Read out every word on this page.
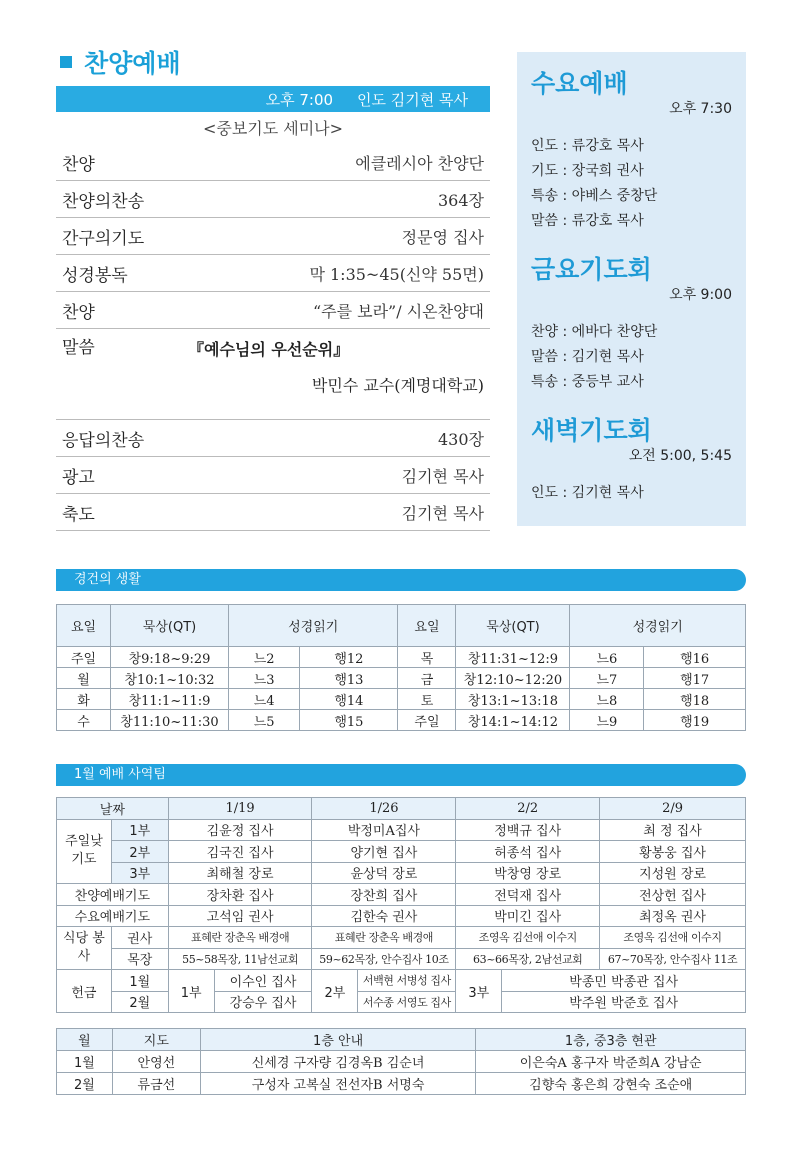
찬양예배
오후 7:00 인도 김기현 목사
<중보기도 세미나>
찬양	에클레시아 찬양단
찬양의찬송	364장
간구의기도	정문영 집사
성경봉독	막 1:35~45(신약 55면)
찬양	“주를 보라”/ 시온찬양대
말씀	『예수님의 우선순위』
박민수 교수(계명대학교)
응답의찬송	430장
광고	김기현 목사
축도	김기현 목사
수요예배
오후 7:30
인도 : 류강호 목사
기도 : 장국희 권사
특송 : 야베스 중창단
말씀 : 류강호 목사
금요기도회
오후 9:00
찬양 : 에바다 찬양단
말씀 : 김기현 목사
특송 : 중등부 교사
새벽기도회
오전 5:00, 5:45
인도 : 김기현 목사
경건의 생활
요일	묵상(QT)	성경읽기		요일	묵상(QT)	성경읽기	
주일	창9:18~9:29	느2	행12	목	창11:31~12:9	느6	행16
월	창10:1~10:32	느3	행13	금	창12:10~12:20	느7	행17
화	창11:1~11:9	느4	행14	토	창13:1~13:18	느8	행18
수	창11:10~11:30	느5	행15	주일	창14:1~14:12	느9	행19
1월 예배 사역팀
날짜		1/19		1/26		2/2		2/9
주일낮 기도	1부	김윤정 집사		박정미A집사		정백규 집사		최 정 집사
	2부	김국진 집사		양기현 집사		허종석 집사		황봉웅 집사
	3부	최해철 장로		윤상덕 장로		박창영 장로		지성원 장로
찬양예배기도		장차환 집사		장찬희 집사		전덕재 집사		전상헌 집사
수요예배기도		고석임 권사		김한숙 권사		박미긴 집사		최정옥 권사
식당 봉사	권사	표혜란 장춘옥 배경애		표혜란 장춘옥 배경애		조영옥 김선애 이수지		조영옥 김선애 이수지
	목장	55~58목장, 11남선교회		59~62목장, 안수집사 10조		63~66목장, 2남선교회		67~70목장, 안수집사 11조
헌금	1월	1부	이수인 집사	2부	서백현 서병성 집사	3부	박종민 박종관 집사	
	2월		강승우 집사		서수종 서영도 집사		박주원 박준호 집사	
월	지도	1층 안내	1층, 중3층 현관
1월	안영선	신세경 구자량 김경옥B 김순녀	이은숙A 홍구자 박준희A 강남순
2월	류금선	구성자 고복실 전선자B 서명숙	김향숙 홍은희 강현숙 조순애
